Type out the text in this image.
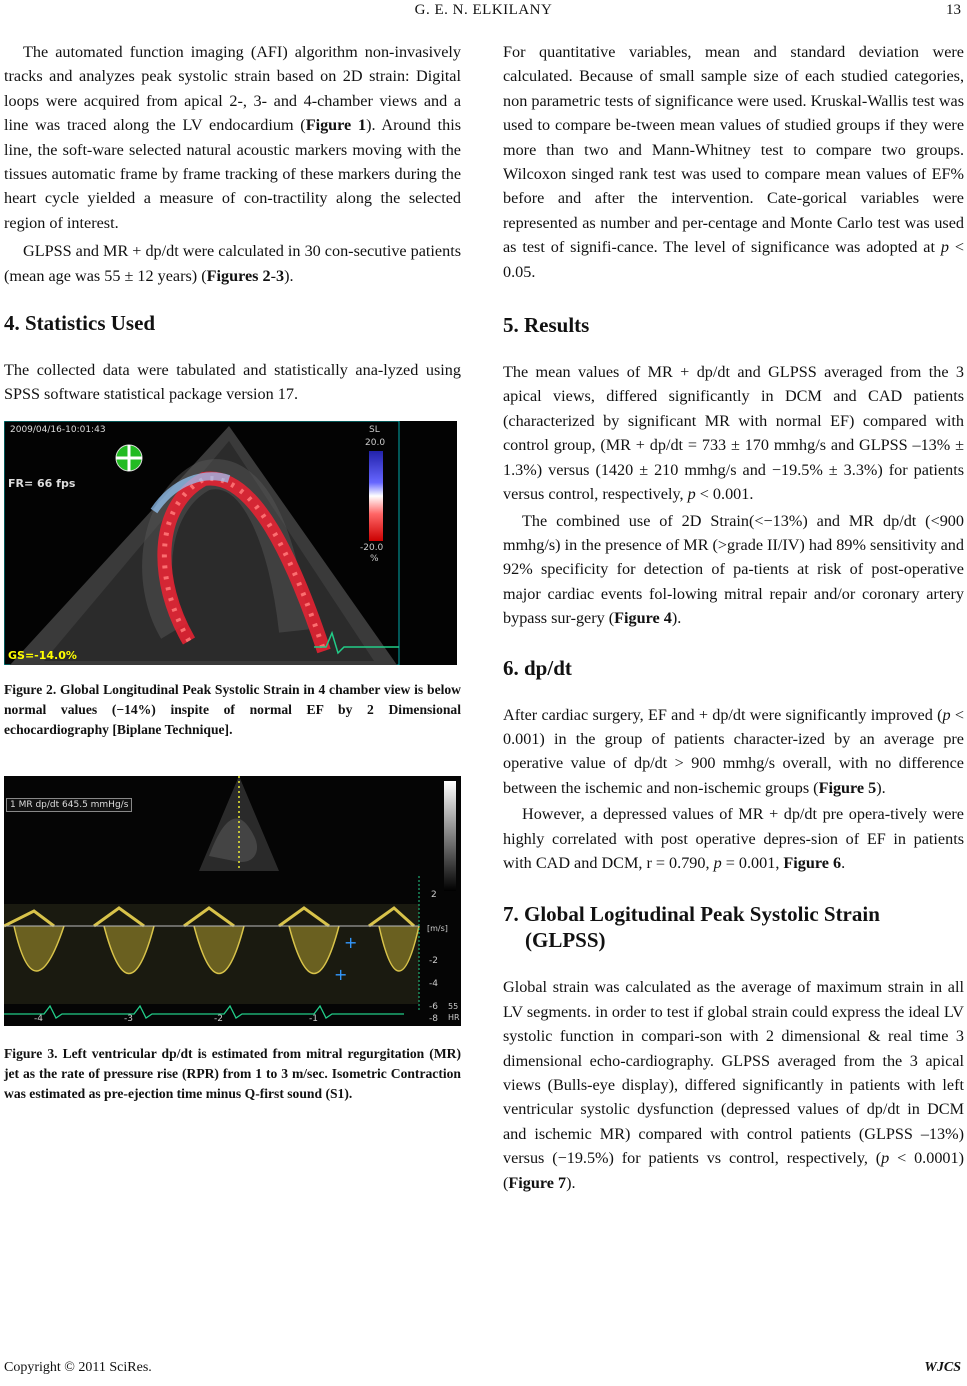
G. E. N. ELKILANY	13

The automated function imaging (AFI) algorithm non-invasively tracks and analyzes peak systolic strain based on 2D strain: Digital loops were acquired from apical 2-, 3- and 4-chamber views and a line was traced along the LV endocardium (Figure 1). Around this line, the soft-ware selected natural acoustic markers moving with the tissues automatic frame by frame tracking of these markers during the heart cycle yielded a measure of con-tractility along the selected region of interest.

GLPSS and MR + dp/dt were calculated in 30 con-secutive patients (mean age was 55 ± 12 years) (Figures 2-3).

4. Statistics Used

The collected data were tabulated and statistically ana-lyzed using SPSS software statistical package version 17.

2009/04/16-10:01:43
FR= 66 fps
SL
20.0
-20.0
%
GS=-14.0%

Figure 2. Global Longitudinal Peak Systolic Strain in 4 chamber view is below normal values (−14%) inspite of normal EF by 2 Dimensional echocardiography [Biplane Technique].

+
+
1 MR dp/dt 645.5 mmHg/s
[m/s]
2
-2
-4
-6
-8
-4	-3	-2	-1
55
HR

Figure 3. Left ventricular dp/dt is estimated from mitral regurgitation (MR) jet as the rate of pressure rise (RPR) from 1 to 3 m/sec. Isometric Contraction was estimated as pre-ejection time minus Q-first sound (S1).

For quantitative variables, mean and standard deviation were calculated. Because of small sample size of each studied categories, non parametric tests of significance were used. Kruskal-Wallis test was used to compare be-tween mean values of studied groups if they were more than two and Mann-Whitney test to compare two groups. Wilcoxon singed rank test was used to compare mean values of EF% before and after the intervention. Cate-gorical variables were represented as number and per-centage and Monte Carlo test was used as test of signifi-cance. The level of significance was adopted at p < 0.05.

5. Results

The mean values of MR + dp/dt and GLPSS averaged from the 3 apical views, differed significantly in DCM and CAD patients (characterized by significant MR with normal EF) compared with control group, (MR + dp/dt = 733 ± 170 mmhg/s and GLPSS –13% ± 1.3%) versus (1420 ± 210 mmhg/s and −19.5% ± 3.3%) for patients versus control, respectively, p < 0.001.

The combined use of 2D Strain(<−13%) and MR dp/dt (<900 mmhg/s) in the presence of MR (>grade II/IV) had 89% sensitivity and 92% specificity for detection of pa-tients at risk of post-operative major cardiac events fol-lowing mitral repair and/or coronary artery bypass sur-gery (Figure 4).

6. dp/dt

After cardiac surgery, EF and + dp/dt were significantly improved (p < 0.001) in the group of patients character-ized by an average pre operative value of dp/dt > 900 mmhg/s overall, with no difference between the ischemic and non-ischemic groups (Figure 5).

However, a depressed values of MR + dp/dt pre opera-tively were highly correlated with post operative depres-sion of EF in patients with CAD and DCM, r = 0.790, p = 0.001, Figure 6.

7. Global Logitudinal Peak Systolic Strain
(GLPSS)

Global strain was calculated as the average of maximum strain in all LV segments. in order to test if global strain could express the ideal LV systolic function in compari-son with 2 dimensional & real time 3 dimensional echo-cardiography. GLPSS averaged from the 3 apical views (Bulls-eye display), differed significantly in patients with left ventricular systolic dysfunction (depressed values of dp/dt in DCM and ischemic MR) compared with control patients (GLPSS –13%) versus (−19.5%) for patients vs control, respectively, (p < 0.0001) (Figure 7).

Copyright © 2011 SciRes.	WJCS
